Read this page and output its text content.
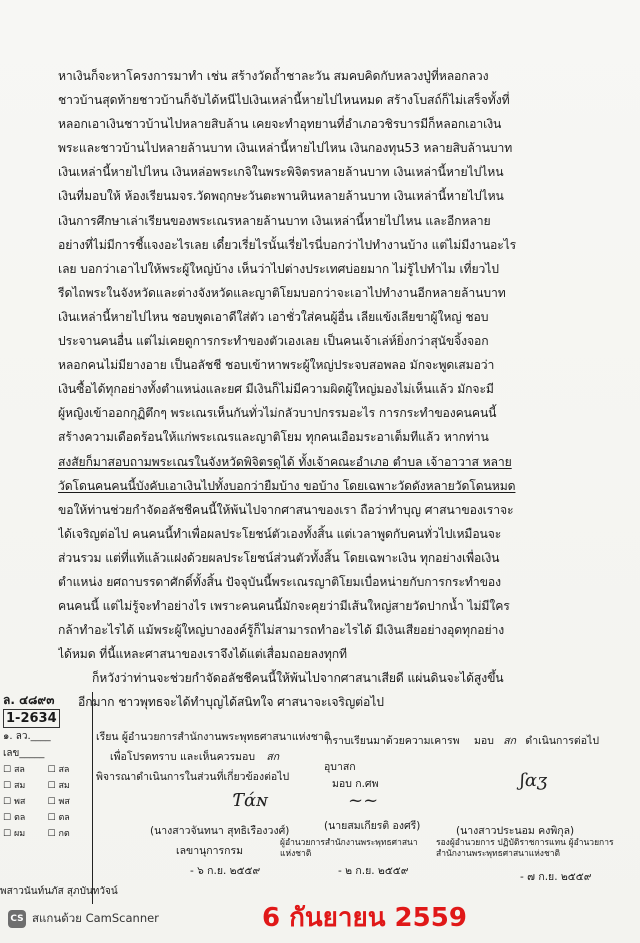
หาเงินก็จะหาโครงการมาทำ เช่น สร้างวัดถ้ำชาละวัน สมคบคิดกับหลวงปู่ที่หลอกลวง
ชาวบ้านสุดท้ายชาวบ้านก็จับได้หนีไปเงินเหล่านี้หายไปไหนหมด สร้างโบสถ์ก็ไม่เสร็จทั้งที่
หลอกเอาเงินชาวบ้านไปหลายสิบล้าน เคยจะทำอุทยานที่อำเภอวชิรบารมีก็หลอกเอาเงิน
พระและชาวบ้านไปหลายล้านบาท เงินเหล่านี้หายไปไหน เงินกองทุน53 หลายสิบล้านบาท
เงินเหล่านี้หายไปไหน เงินหล่อพระเกจิในพระพิจิตรหลายล้านบาท เงินเหล่านี้หายไปไหน
เงินที่มอบให้ ห้องเรียนมจร.วัดพฤกษะวันตะพานหินหลายล้านบาท เงินเหล่านี้หายไปไหน
เงินการศึกษาเล่าเรียนของพระเณรหลายล้านบาท เงินเหล่านี้หายไปไหน และอีกหลาย
อย่างที่ไม่มีการชี้แจงอะไรเลย เดี๋ยวเรี่ยไรนั้นเรี่ยไรนี่บอกว่าไปทำงานบ้าง แต่ไม่มีงานอะไร
เลย บอกว่าเอาไปให้พระผู้ใหญ่บ้าง เห็นว่าไปต่างประเทศบ่อยมาก ไม่รู้ไปทำไม เที่ยวไป
รีดไถพระในจังหวัดและต่างจังหวัดและญาติโยมบอกว่าจะเอาไปทำงานอีกหลายล้านบาท
เงินเหล่านี้หายไปไหน ชอบพูดเอาดีใส่ตัว เอาชั่วใส่คนผู้อื่น เลียแข้งเลียขาผู้ใหญ่ ชอบ
ประจานคนอื่น แต่ไม่เคยดูการกระทำของตัวเองเลย เป็นคนเจ้าเล่ห์ยิ่งกว่าสุนัขจิ้งจอก
หลอกคนไม่มียางอาย เป็นอลัชชี ชอบเข้าหาพระผู้ใหญ่ประจบสอพลอ มักจะพูดเสมอว่า
เงินซื้อได้ทุกอย่างทั้งตำแหน่งและยศ มีเงินก็ไม่มีความผิดผู้ใหญ่มองไม่เห็นแล้ว มักจะมี
ผู้หญิงเข้าออกกุฏิตึกๆ พระเณรเห็นกันทั่วไม่กลัวบาปกรรมอะไร การกระทำของคนคนนี้
สร้างความเดือดร้อนให้แก่พระเณรและญาติโยม ทุกคนเอือมระอาเต็มทีแล้ว หากท่าน
สงสัยก็มาสอบถามพระเณรในจังหวัดพิจิตรดูได้ ทั้งเจ้าคณะอำเภอ ตำบล เจ้าอาวาส หลาย
วัดโดนคนคนนี้บังคับเอาเงินไปทั้งบอกว่ายืมบ้าง ขอบ้าง โดยเฉพาะวัดดังหลายวัดโดนหมด
ขอให้ท่านช่วยกำจัดอลัชชีคนนี้ให้พ้นไปจากศาสนาของเรา ถือว่าทำบุญ ศาสนาของเราจะ
ได้เจริญต่อไป คนคนนี้ทำเพื่อผลประโยชน์ตัวเองทั้งสิ้น แต่เวลาพูดกับคนทั่วไปเหมือนจะ
ส่วนรวม แต่ที่แท้แล้วแฝงด้วยผลประโยชน์ส่วนตัวทั้งสิ้น โดยเฉพาะเงิน ทุกอย่างเพื่อเงิน
ตำแหน่ง ยศถาบรรดาศักดิ์ทั้งสิ้น ปัจจุบันนี้พระเณรญาติโยมเบื่อหน่ายกับการกระทำของ
คนคนนี้ แต่ไม่รู้จะทำอย่างไร เพราะคนคนนี้มักจะคุยว่ามีเส้นใหญ่สายวัดปากน้ำ ไม่มีใคร
กล้าทำอะไรได้ แม้พระผู้ใหญ่บางองค์รู้ก็ไม่สามารถทำอะไรได้ มีเงินเสียอย่างอุดทุกอย่าง
ได้หมด ที่นี้แหละศาสนาของเราจึงได้แต่เสื่อมถอยลงทุกที
ก็หวังว่าท่านจะช่วยกำจัดอลัชชีคนนี้ให้พ้นไปจากศาสนาเสียดี แผ่นดินจะได้สูงขึ้น
อีกมาก ชาวพุทธจะได้ทำบุญได้สนิทใจ ศาสนาจะเจริญต่อไป
ล. ๔๘๙๓
1-2634
๑. ลว.____
เลข_____
☐ สล	☐ สล
☐ สม	☐ สม
☐ พส	☐ พส
☐ ตล	☐ ตล
☐ ผม	☐ กต
พสาวนันท์นภัส สุภบันทวัจน์
เรียน ผู้อำนวยการสำนักงานพระพุทธศาสนาแห่งชาติ
เพื่อโปรดทราบ และเห็นควรมอบ สก
พิจารณาดำเนินการในส่วนที่เกี่ยวข้องต่อไป
กราบเรียนมาด้วยความเคารพ มอบ สก ดำเนินการต่อไป
อุบาสก
มอบ ก.ศพ
Ƭɑ́ɴ	~~
ʃɑʒ
(นางสาวจันทนา สุทธิเรืองวงศ์)	(นายสมเกียรติ องศรี)	(นางสาวประนอม คงพิกุล)
เลขานุการกรม
- ๖ ก.ย. ๒๕๕๙
ผู้อำนวยการสำนักงานพระพุทธศาสนาแห่งชาติ
- ๒ ก.ย. ๒๕๕๙
รองผู้อำนวยการ ปฏิบัติราชการแทน ผู้อำนวยการสำนักงานพระพุทธศาสนาแห่งชาติ
- ๗ ก.ย. ๒๕๕๙
CS สแกนด้วย CamScanner	6 กันยายน 2559
